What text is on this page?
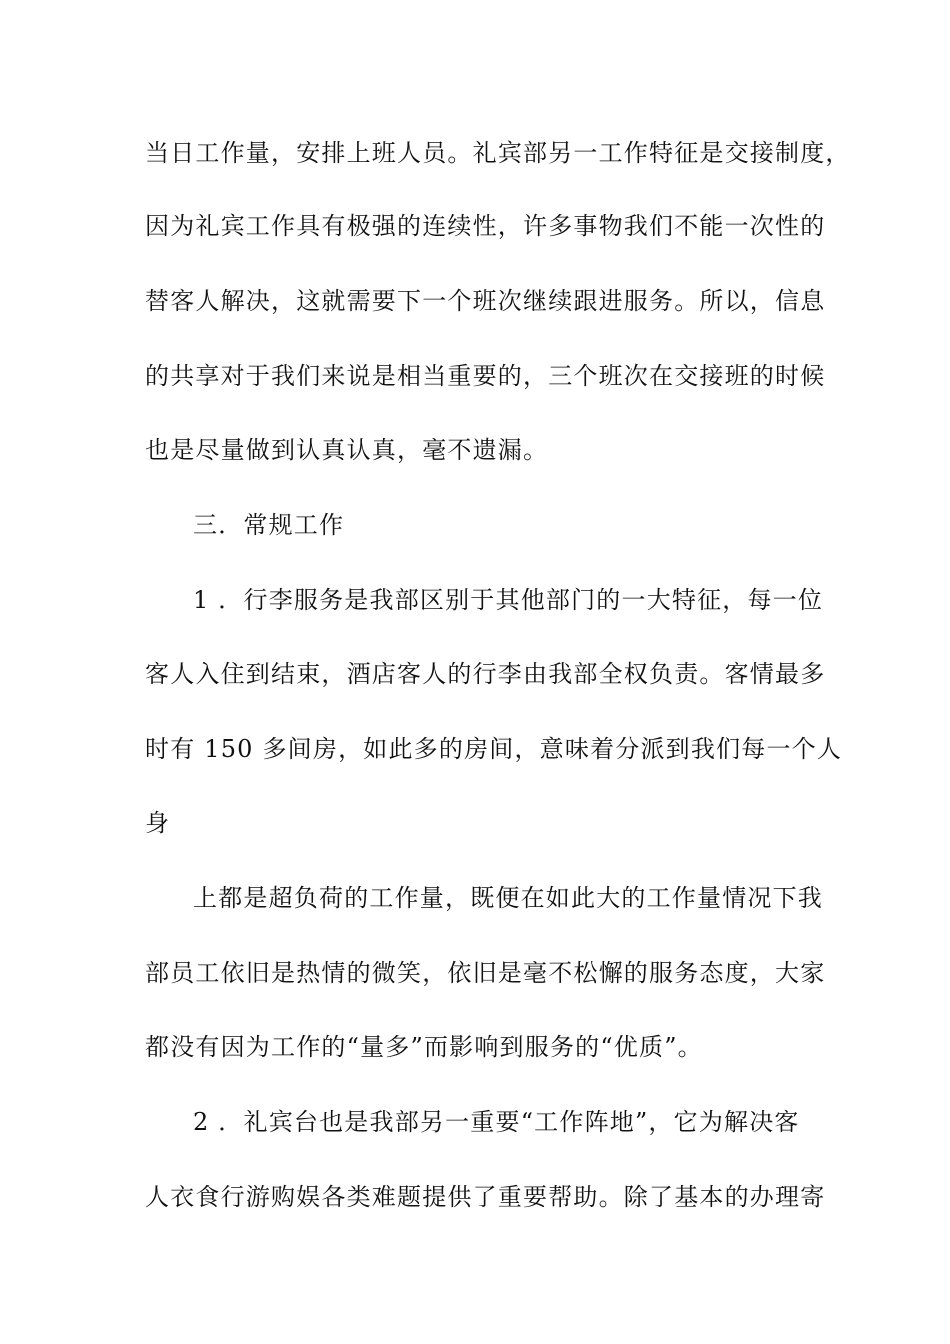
当日工作量，安排上班人员。礼宾部另一工作特征是交接制度，
因为礼宾工作具有极强的连续性，许多事物我们不能一次性的
替客人解决，这就需要下一个班次继续跟进服务。所以，信息
的共享对于我们来说是相当重要的，三个班次在交接班的时候
也是尽量做到认真认真，毫不遗漏。
三．常规工作
1 ．行李服务是我部区别于其他部门的一大特征，每一位
客人入住到结束，酒店客人的行李由我部全权负责。客情最多
时有 150 多间房，如此多的房间，意味着分派到我们每一个人
身
上都是超负荷的工作量，既便在如此大的工作量情况下我
部员工依旧是热情的微笑，依旧是毫不松懈的服务态度，大家
都没有因为工作的“量多”而影响到服务的“优质”。
2 ．礼宾台也是我部另一重要“工作阵地”，它为解决客
人衣食行游购娱各类难题提供了重要帮助。除了基本的办理寄
